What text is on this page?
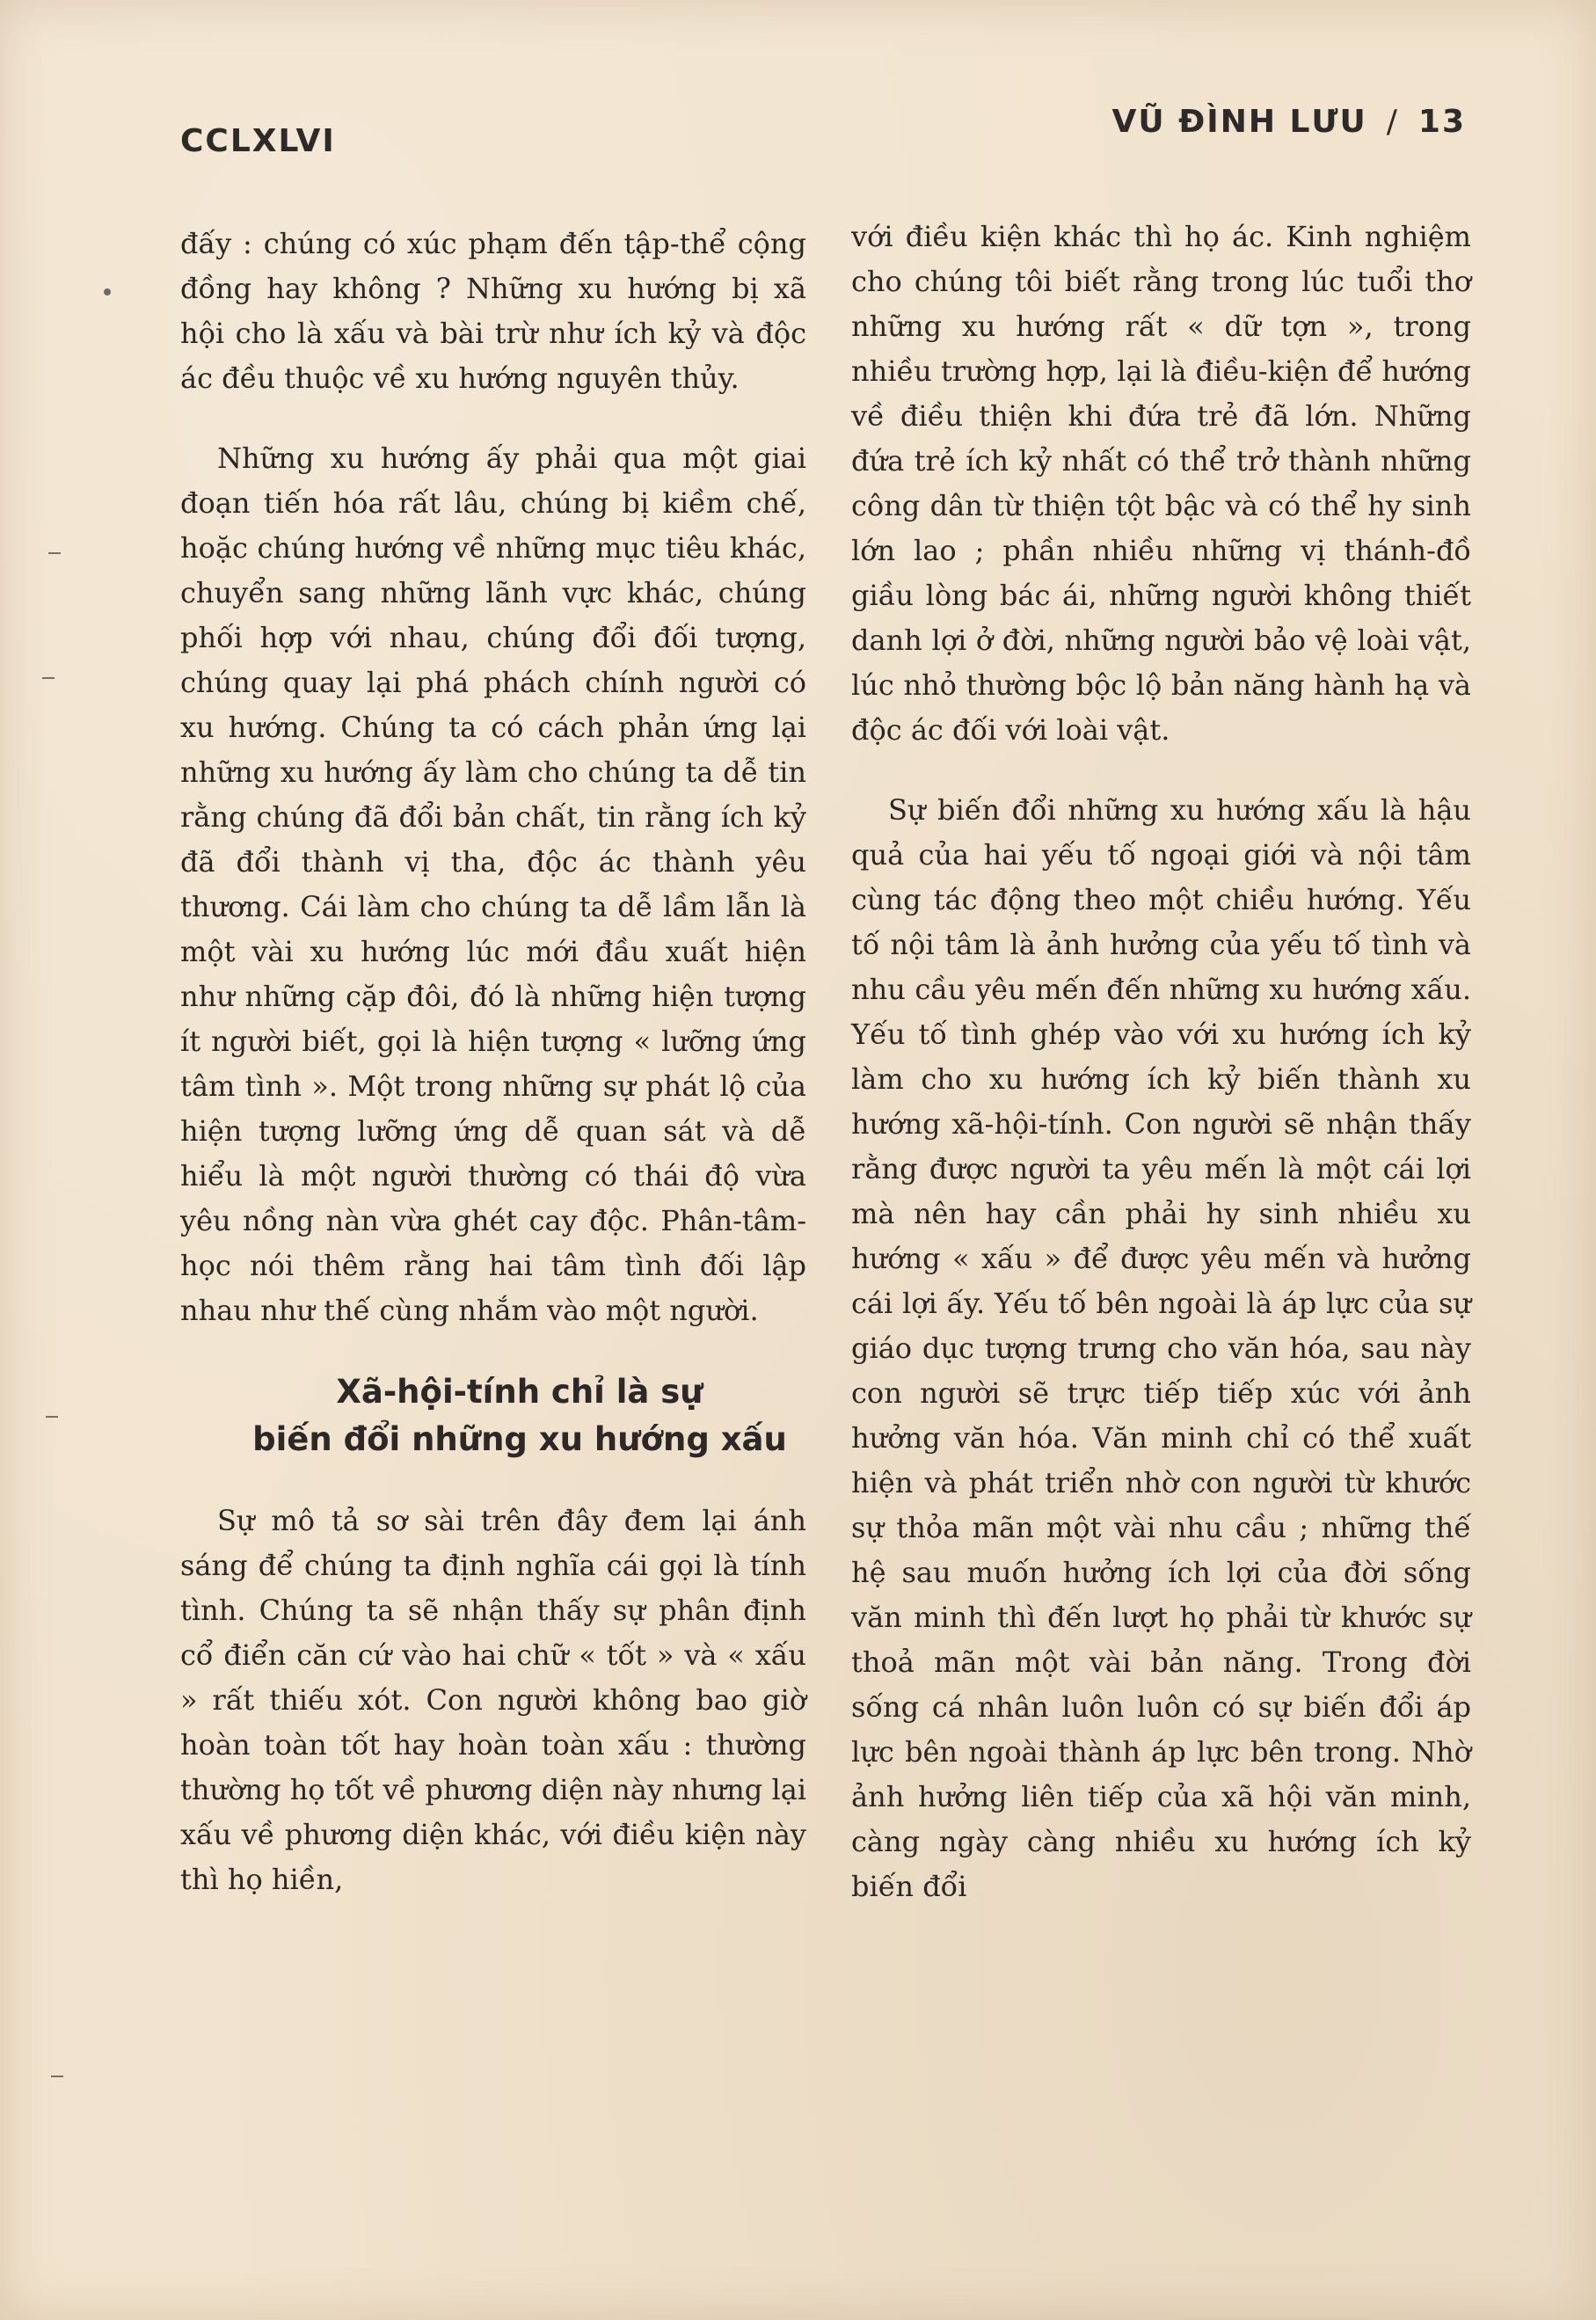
CCLXLVI
VŨ ĐÌNH LƯU / 13

đấy : chúng có xúc phạm đến tập-thể cộng đồng hay không ? Những xu hướng bị xã hội cho là xấu và bài trừ như ích kỷ và độc ác đều thuộc về xu hướng nguyên thủy.

Những xu hướng ấy phải qua một giai đoạn tiến hóa rất lâu, chúng bị kiềm chế, hoặc chúng hướng về những mục tiêu khác, chuyển sang những lãnh vực khác, chúng phối hợp với nhau, chúng đổi đối tượng, chúng quay lại phá phách chính người có xu hướng. Chúng ta có cách phản ứng lại những xu hướng ấy làm cho chúng ta dễ tin rằng chúng đã đổi bản chất, tin rằng ích kỷ đã đổi thành vị tha, độc ác thành yêu thương. Cái làm cho chúng ta dễ lầm lẫn là một vài xu hướng lúc mới đầu xuất hiện như những cặp đôi, đó là những hiện tượng ít người biết, gọi là hiện tượng « lưỡng ứng tâm tình ». Một trong những sự phát lộ của hiện tượng lưỡng ứng dễ quan sát và dễ hiểu là một người thường có thái độ vừa yêu nồng nàn vừa ghét cay độc. Phân-tâm-học nói thêm rằng hai tâm tình đối lập nhau như thế cùng nhắm vào một người.

Xã-hội-tính chỉ là sự
biến đổi những xu hướng xấu

Sự mô tả sơ sài trên đây đem lại ánh sáng để chúng ta định nghĩa cái gọi là tính tình. Chúng ta sẽ nhận thấy sự phân định cổ điển căn cứ vào hai chữ « tốt » và « xấu » rất thiếu xót. Con người không bao giờ hoàn toàn tốt hay hoàn toàn xấu : thường thường họ tốt về phương diện này nhưng lại xấu về phương diện khác, với điều kiện này thì họ hiền,

với điều kiện khác thì họ ác. Kinh nghiệm cho chúng tôi biết rằng trong lúc tuổi thơ những xu hướng rất « dữ tợn », trong nhiều trường hợp, lại là điều-kiện để hướng về điều thiện khi đứa trẻ đã lớn. Những đứa trẻ ích kỷ nhất có thể trở thành những công dân từ thiện tột bậc và có thể hy sinh lớn lao ; phần nhiều những vị thánh-đồ giầu lòng bác ái, những người không thiết danh lợi ở đời, những người bảo vệ loài vật, lúc nhỏ thường bộc lộ bản năng hành hạ và độc ác đối với loài vật.

Sự biến đổi những xu hướng xấu là hậu quả của hai yếu tố ngoại giới và nội tâm cùng tác động theo một chiều hướng. Yếu tố nội tâm là ảnh hưởng của yếu tố tình và nhu cầu yêu mến đến những xu hướng xấu. Yếu tố tình ghép vào với xu hướng ích kỷ làm cho xu hướng ích kỷ biến thành xu hướng xã-hội-tính. Con người sẽ nhận thấy rằng được người ta yêu mến là một cái lợi mà nên hay cần phải hy sinh nhiều xu hướng « xấu » để được yêu mến và hưởng cái lợi ấy. Yếu tố bên ngoài là áp lực của sự giáo dục tượng trưng cho văn hóa, sau này con người sẽ trực tiếp tiếp xúc với ảnh hưởng văn hóa. Văn minh chỉ có thể xuất hiện và phát triển nhờ con người từ khước sự thỏa mãn một vài nhu cầu ; những thế hệ sau muốn hưởng ích lợi của đời sống văn minh thì đến lượt họ phải từ khước sự thoả mãn một vài bản năng. Trong đời sống cá nhân luôn luôn có sự biến đổi áp lực bên ngoài thành áp lực bên trong. Nhờ ảnh hưởng liên tiếp của xã hội văn minh, càng ngày càng nhiều xu hướng ích kỷ biến đổi
